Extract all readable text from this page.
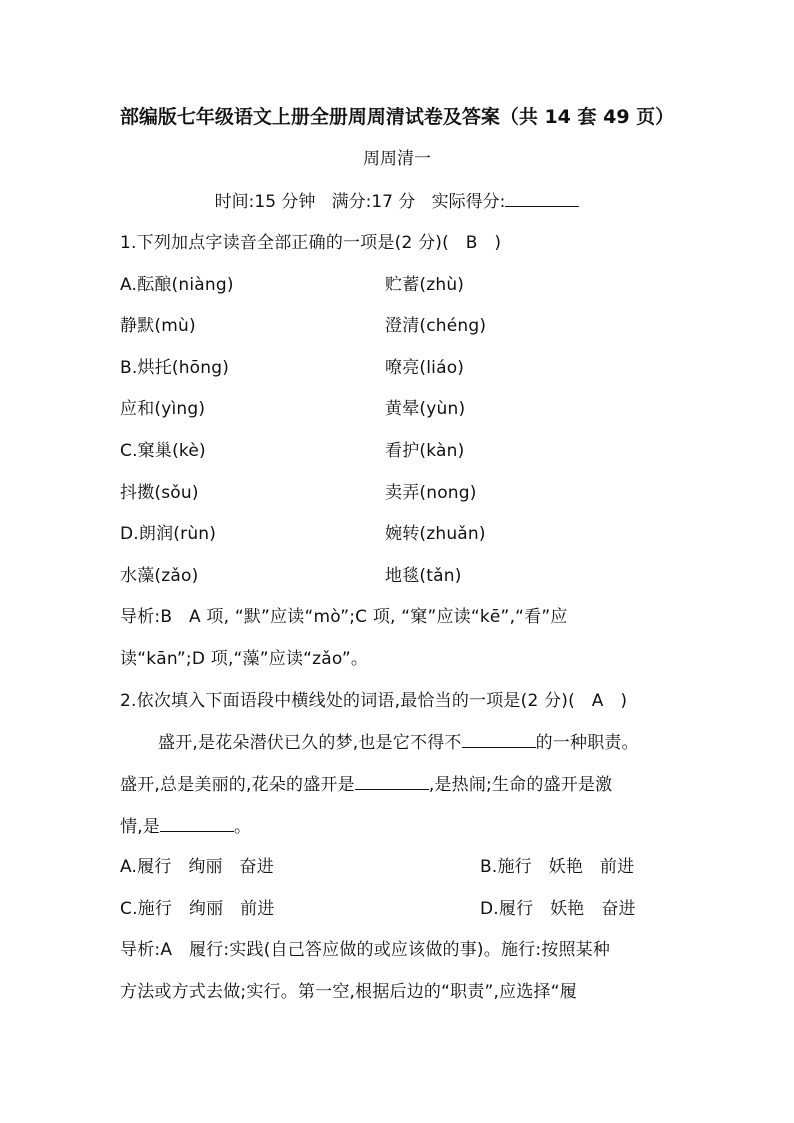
部编版七年级语文上册全册周周清试卷及答案（共 14 套 49 页）
周周清一
时间:15 分钟   满分:17 分   实际得分:
1.下列加点字读音全部正确的一项是(2 分)(   B   )
A.酝酿(niàng)	贮蓄(zhù)
静默(mù)	澄清(chéng)
B.烘托(hōng)	嘹亮(liáo)
应和(yìng)	黄晕(yùn)
C.窠巢(kè)	看护(kàn)
抖擞(sǒu)	卖弄(nong)
D.朗润(rùn)	婉转(zhuǎn)
水藻(zǎo)	地毯(tǎn)
导析:B   A 项, “默”应读“mò”;C 项, “窠”应读“kē”,“看”应
读“kān”;D 项,“藻”应读“zǎo”。
2.依次填入下面语段中横线处的词语,最恰当的一项是(2 分)(   A   )
盛开,是花朵潜伏已久的梦,也是它不得不	的一种职责。
盛开,总是美丽的,花朵的盛开是	,是热闹;生命的盛开是激
情,是	。
A.履行   绚丽   奋进	B.施行   妖艳   前进
C.施行   绚丽   前进	D.履行   妖艳   奋进
导析:A   履行:实践(自己答应做的或应该做的事)。施行:按照某种
方法或方式去做;实行。第一空,根据后边的“职责”,应选择“履
